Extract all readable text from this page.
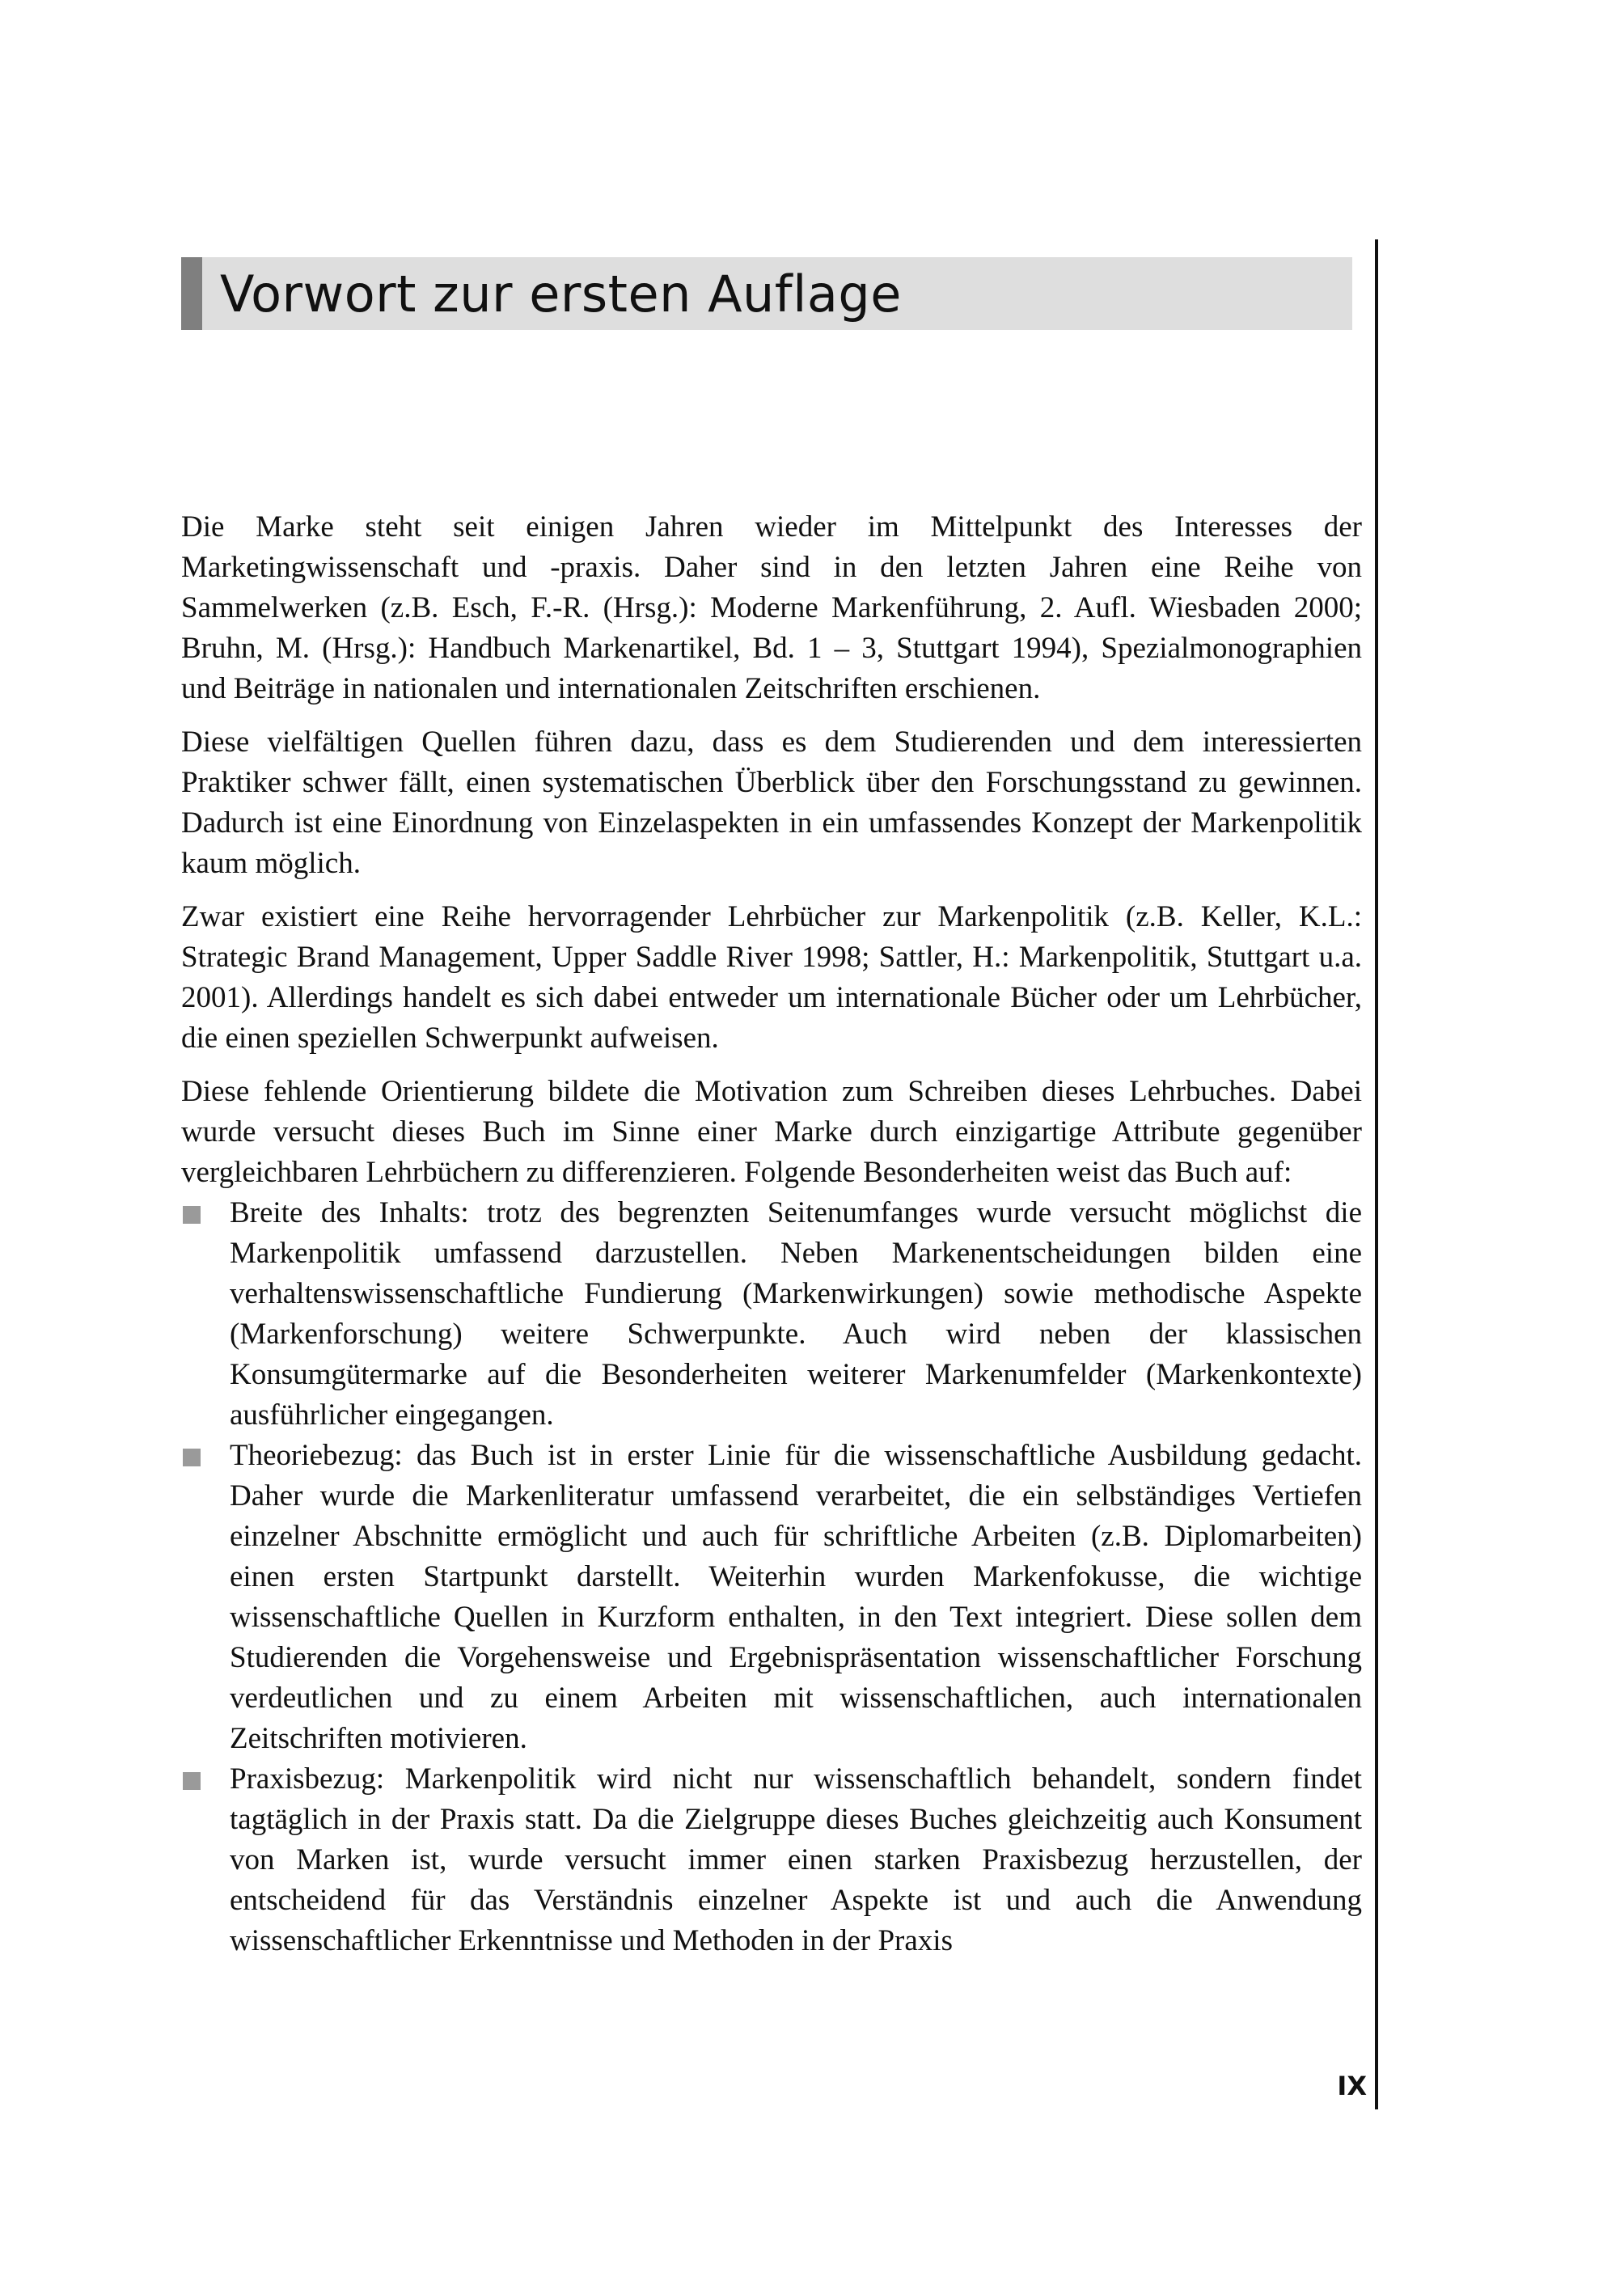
Vorwort zur ersten Auflage

Die Marke steht seit einigen Jahren wieder im Mittelpunkt des Interesses der Marketingwissenschaft und -praxis. Daher sind in den letzten Jahren eine Reihe von Sammelwerken (z.B. Esch, F.-R. (Hrsg.): Moderne Markenführung, 2. Aufl. Wiesbaden 2000; Bruhn, M. (Hrsg.): Handbuch Markenartikel, Bd. 1 – 3, Stuttgart 1994), Spezialmonographien und Beiträge in nationalen und internationalen Zeitschriften erschienen.

Diese vielfältigen Quellen führen dazu, dass es dem Studierenden und dem interessierten Praktiker schwer fällt, einen systematischen Überblick über den Forschungsstand zu gewinnen. Dadurch ist eine Einordnung von Einzelaspekten in ein umfassendes Konzept der Markenpolitik kaum möglich.

Zwar existiert eine Reihe hervorragender Lehrbücher zur Markenpolitik (z.B. Keller, K.L.: Strategic Brand Management, Upper Saddle River 1998; Sattler, H.: Markenpolitik, Stuttgart u.a. 2001). Allerdings handelt es sich dabei entweder um internationale Bücher oder um Lehrbücher, die einen speziellen Schwerpunkt aufweisen.

Diese fehlende Orientierung bildete die Motivation zum Schreiben dieses Lehrbuches. Dabei wurde versucht dieses Buch im Sinne einer Marke durch einzigartige Attribute gegenüber vergleichbaren Lehrbüchern zu differenzieren. Folgende Besonderheiten weist das Buch auf:

Breite des Inhalts: trotz des begrenzten Seitenumfanges wurde versucht möglichst die Markenpolitik umfassend darzustellen. Neben Markenentscheidungen bilden eine verhaltenswissenschaftliche Fundierung (Markenwirkungen) sowie methodische Aspekte (Markenforschung) weitere Schwerpunkte. Auch wird neben der klassischen Konsumgütermarke auf die Besonderheiten weiterer Markenumfelder (Markenkontexte) ausführlicher eingegangen.
Theoriebezug: das Buch ist in erster Linie für die wissenschaftliche Ausbildung gedacht. Daher wurde die Markenliteratur umfassend verarbeitet, die ein selbständiges Vertiefen einzelner Abschnitte ermöglicht und auch für schriftliche Arbeiten (z.B. Diplomarbeiten) einen ersten Startpunkt darstellt. Weiterhin wurden Markenfokusse, die wichtige wissenschaftliche Quellen in Kurzform enthalten, in den Text integriert. Diese sollen dem Studierenden die Vorgehensweise und Ergebnispräsentation wissenschaftlicher Forschung verdeutlichen und zu einem Arbeiten mit wissenschaftlichen, auch internationalen Zeitschriften motivieren.
Praxisbezug: Markenpolitik wird nicht nur wissenschaftlich behandelt, sondern findet tagtäglich in der Praxis statt. Da die Zielgruppe dieses Buches gleichzeitig auch Konsument von Marken ist, wurde versucht immer einen starken Praxisbezug herzustellen, der entscheidend für das Verständnis einzelner Aspekte ist und auch die Anwendung wissenschaftlicher Erkenntnisse und Methoden in der Praxis
IX
